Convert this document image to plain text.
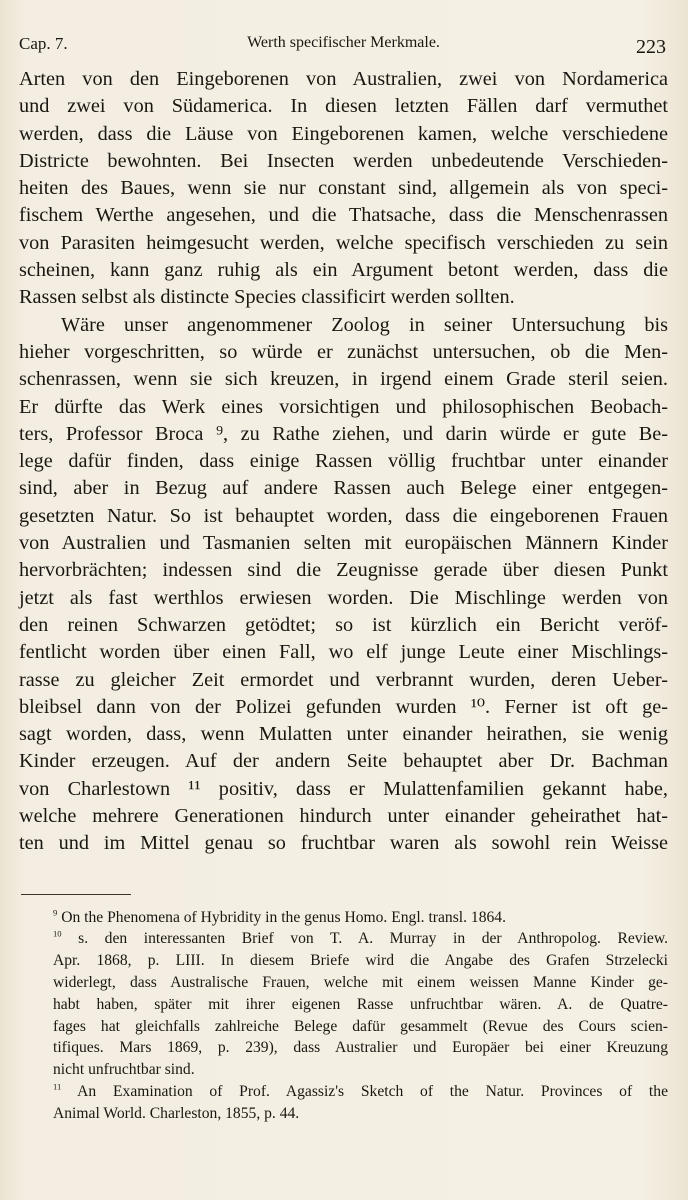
Cap. 7.	Werth specifischer Merkmale.	223
Arten von den Eingeborenen von Australien, zwei von Nordamerica
und zwei von Südamerica. In diesen letzten Fällen darf vermuthet
werden, dass die Läuse von Eingeborenen kamen, welche verschiedene
Districte bewohnten. Bei Insecten werden unbedeutende Verschieden-
heiten des Baues, wenn sie nur constant sind, allgemein als von speci-
fischem Werthe angesehen, und die Thatsache, dass die Menschenrassen
von Parasiten heimgesucht werden, welche specifisch verschieden zu sein
scheinen, kann ganz ruhig als ein Argument betont werden, dass die
Rassen selbst als distincte Species classificirt werden sollten.
Wäre unser angenommener Zoolog in seiner Untersuchung bis
hieher vorgeschritten, so würde er zunächst untersuchen, ob die Men-
schenrassen, wenn sie sich kreuzen, in irgend einem Grade steril seien.
Er dürfte das Werk eines vorsichtigen und philosophischen Beobach-
ters, Professor Broca ⁹, zu Rathe ziehen, und darin würde er gute Be-
lege dafür finden, dass einige Rassen völlig fruchtbar unter einander
sind, aber in Bezug auf andere Rassen auch Belege einer entgegen-
gesetzten Natur. So ist behauptet worden, dass die eingeborenen Frauen
von Australien und Tasmanien selten mit europäischen Männern Kinder
hervorbrächten; indessen sind die Zeugnisse gerade über diesen Punkt
jetzt als fast werthlos erwiesen worden. Die Mischlinge werden von
den reinen Schwarzen getödtet; so ist kürzlich ein Bericht veröf-
fentlicht worden über einen Fall, wo elf junge Leute einer Mischlings-
rasse zu gleicher Zeit ermordet und verbrannt wurden, deren Ueber-
bleibsel dann von der Polizei gefunden wurden ¹⁰. Ferner ist oft ge-
sagt worden, dass, wenn Mulatten unter einander heirathen, sie wenig
Kinder erzeugen. Auf der andern Seite behauptet aber Dr. Bachman
von Charlestown ¹¹ positiv, dass er Mulattenfamilien gekannt habe,
welche mehrere Generationen hindurch unter einander geheirathet hat-
ten und im Mittel genau so fruchtbar waren als sowohl rein Weisse
$^9$ On the Phenomena of Hybridity in the genus Homo. Engl. transl. 1864.
$^{10}$ s. den interessanten Brief von T. A. Murray in der Anthropolog. Review.
Apr. 1868, p. LIII. In diesem Briefe wird die Angabe des Grafen Strzelecki
widerlegt, dass Australische Frauen, welche mit einem weissen Manne Kinder ge-
habt haben, später mit ihrer eigenen Rasse unfruchtbar wären. A. de Quatre-
fages hat gleichfalls zahlreiche Belege dafür gesammelt (Revue des Cours scien-
tifiques. Mars 1869, p. 239), dass Australier und Europäer bei einer Kreuzung
nicht unfruchtbar sind.
$^{11}$ An Examination of Prof. Agassiz's Sketch of the Natur. Provinces of the
Animal World. Charleston, 1855, p. 44.
